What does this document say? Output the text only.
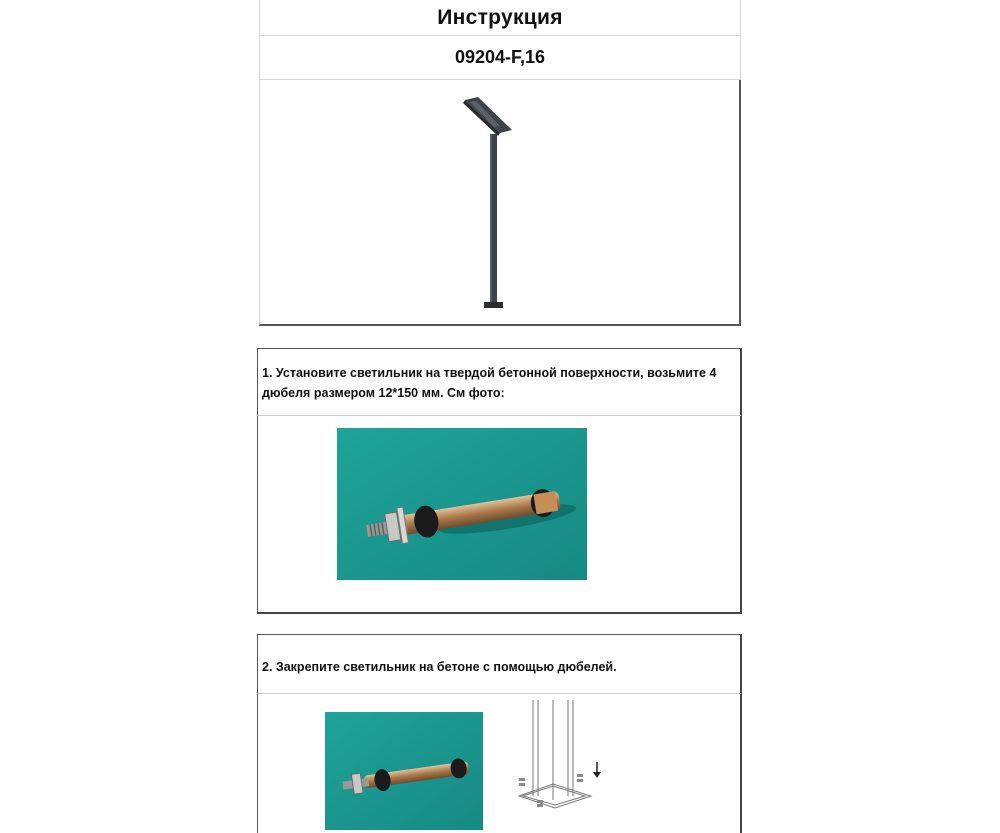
Инструкция
09204-F,16
1. Установите светильник на твердой бетонной поверхности, возьмите 4 дюбеля размером 12*150 мм. См фото:
2. Закрепите светильник на бетоне с помощью дюбелей.
